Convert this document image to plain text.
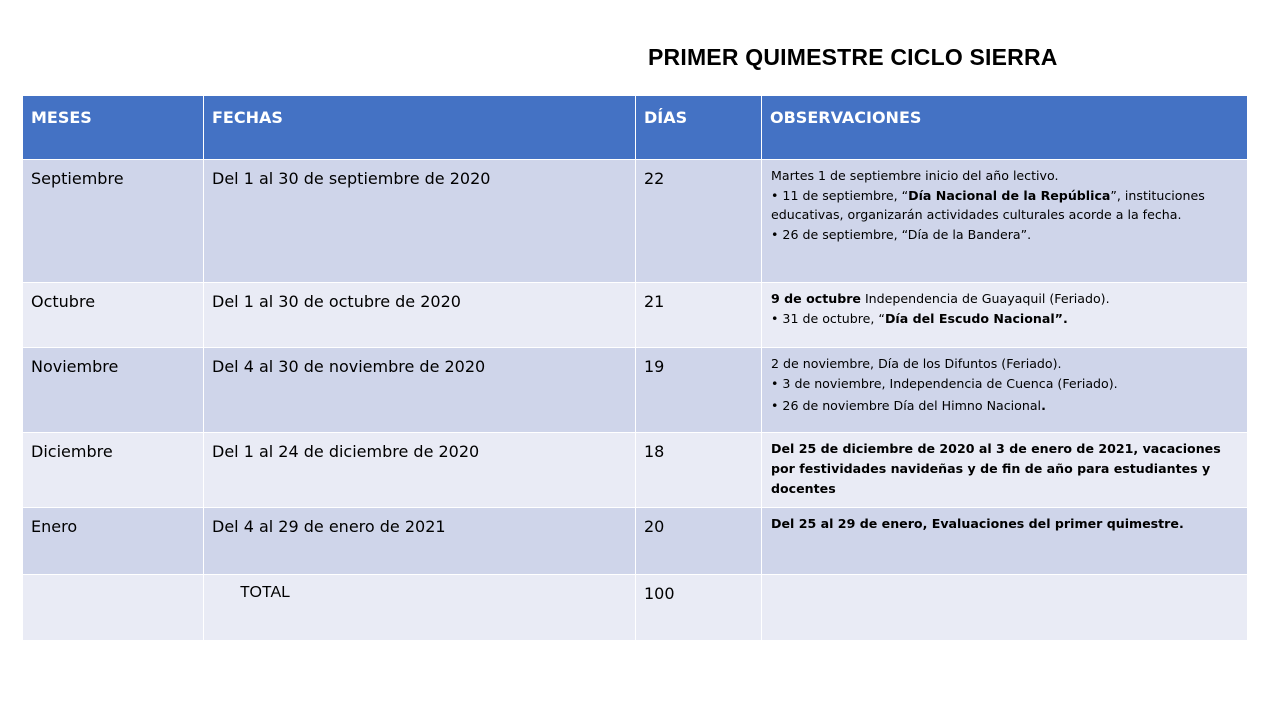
PRIMER QUIMESTRE CICLO SIERRA
MESES	FECHAS	DÍAS	OBSERVACIONES
Septiembre	Del 1 al 30 de septiembre de 2020	22	Martes 1 de septiembre inicio del año lectivo.
• 11 de septiembre, “Día Nacional de la República”, instituciones educativas, organizarán actividades culturales acorde a la fecha.
• 26 de septiembre, “Día de la Bandera”.

Octubre	Del 1 al 30 de octubre de 2020	21	9 de octubre Independencia de Guayaquil (Feriado).
• 31 de octubre, “Día del Escudo Nacional”.

Noviembre	Del 4 al 30 de noviembre de 2020	19	2 de noviembre, Día de los Difuntos (Feriado).
• 3 de noviembre, Independencia de Cuenca (Feriado).
• 26 de noviembre Día del Himno Nacional.

Diciembre	Del 1 al 24 de diciembre de 2020	18	Del 25 de diciembre de 2020 al 3 de enero de 2021, vacaciones por festividades navideñas y de fin de año para estudiantes y docentes
Enero	Del 4 al 29 de enero de 2021	20	Del 25 al 29 de enero, Evaluaciones del primer quimestre.
	TOTAL	100	
